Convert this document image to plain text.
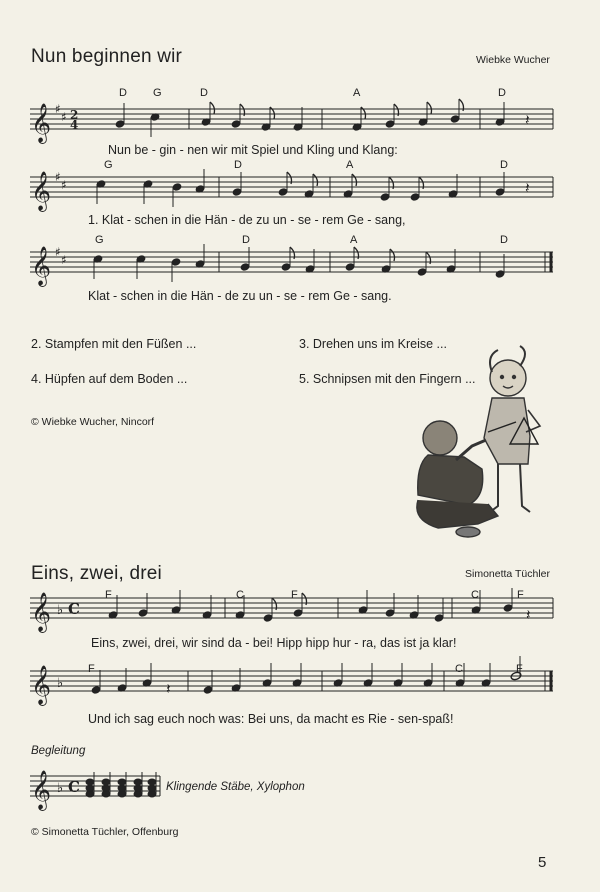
Nun beginnen wir	Wiebke Wucher
𝄞
𝄞
𝄞
𝄞
𝄞
𝄞
♯
♯
♯
♯
♯
♯
♭
♭
♭
2
4
C
C
𝄽
𝄽
𝄽
𝄽
D G	D	A	D
G	D	A	D
G	D	A	D
F	C	F	C	F
F	C	F
Nun be - gin - nen wir mit Spiel und Kling und Klang:
1. Klat - schen in die Hän - de zu un - se - rem Ge - sang,
Klat - schen in die Hän - de zu un - se - rem Ge - sang.
2. Stampfen mit den Füßen ...	3. Drehen uns im Kreise ...
4. Hüpfen auf dem Boden ...	5. Schnipsen mit den Fingern ...
© Wiebke Wucher, Nincorf
Eins, zwei, drei	Simonetta Tüchler
Eins, zwei, drei, wir sind da - bei! Hipp hipp hur - ra, das ist ja klar!
Und ich sag euch noch was: Bei uns, da macht es Rie - sen-spaß!
Begleitung
Klingende Stäbe, Xylophon
© Simonetta Tüchler, Offenburg
5
